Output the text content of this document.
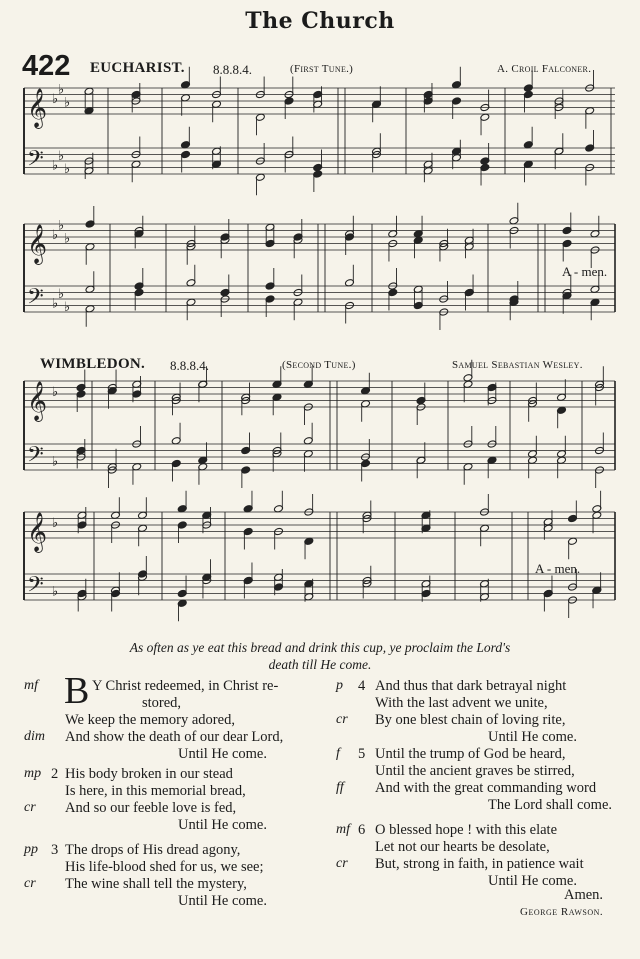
The Church
422 EUCHARIST. 8.8.8.4.	(First Tune.)	A. Croil Falconer.
WIMBLEDON. 8.8.8.4.	(Second Tune.)	Samuel Sebastian Wesley.
𝄞 ♭
♭
♭
𝄢 ♭
♭
♭
𝄞 ♭
♭
♭
𝄢 ♭
♭
♭
𝄞 ♭
𝄢 ♭
𝄞 ♭
𝄢 ♭
A - men.
A - men.
As often as ye eat this bread and drink this cup, ye proclaim the Lord's
death till He come.
B Y Christ redeemed, in Christ re-
mf
stored,
We keep the memory adored,
And show the death of our dear Lord,
dim
Until He come.
2 His body broken in our stead
mp
Is here, in this memorial bread,
And so our feeble love is fed,
cr
Until He come.
3 The drops of His dread agony,
pp
His life-blood shed for us, we see;
The wine shall tell the mystery,
cr
Until He come.
4 And thus that dark betrayal night
p
With the last advent we unite,
By one blest chain of loving rite,
cr
Until He come.
5 Until the trump of God be heard,
f
Until the ancient graves be stirred,
And with the great commanding word
ff
The Lord shall come.
6 O blessed hope ! with this elate
mf
Let not our hearts be desolate,
But, strong in faith, in patience wait
cr
Until He come.
Amen.
George Rawson.
